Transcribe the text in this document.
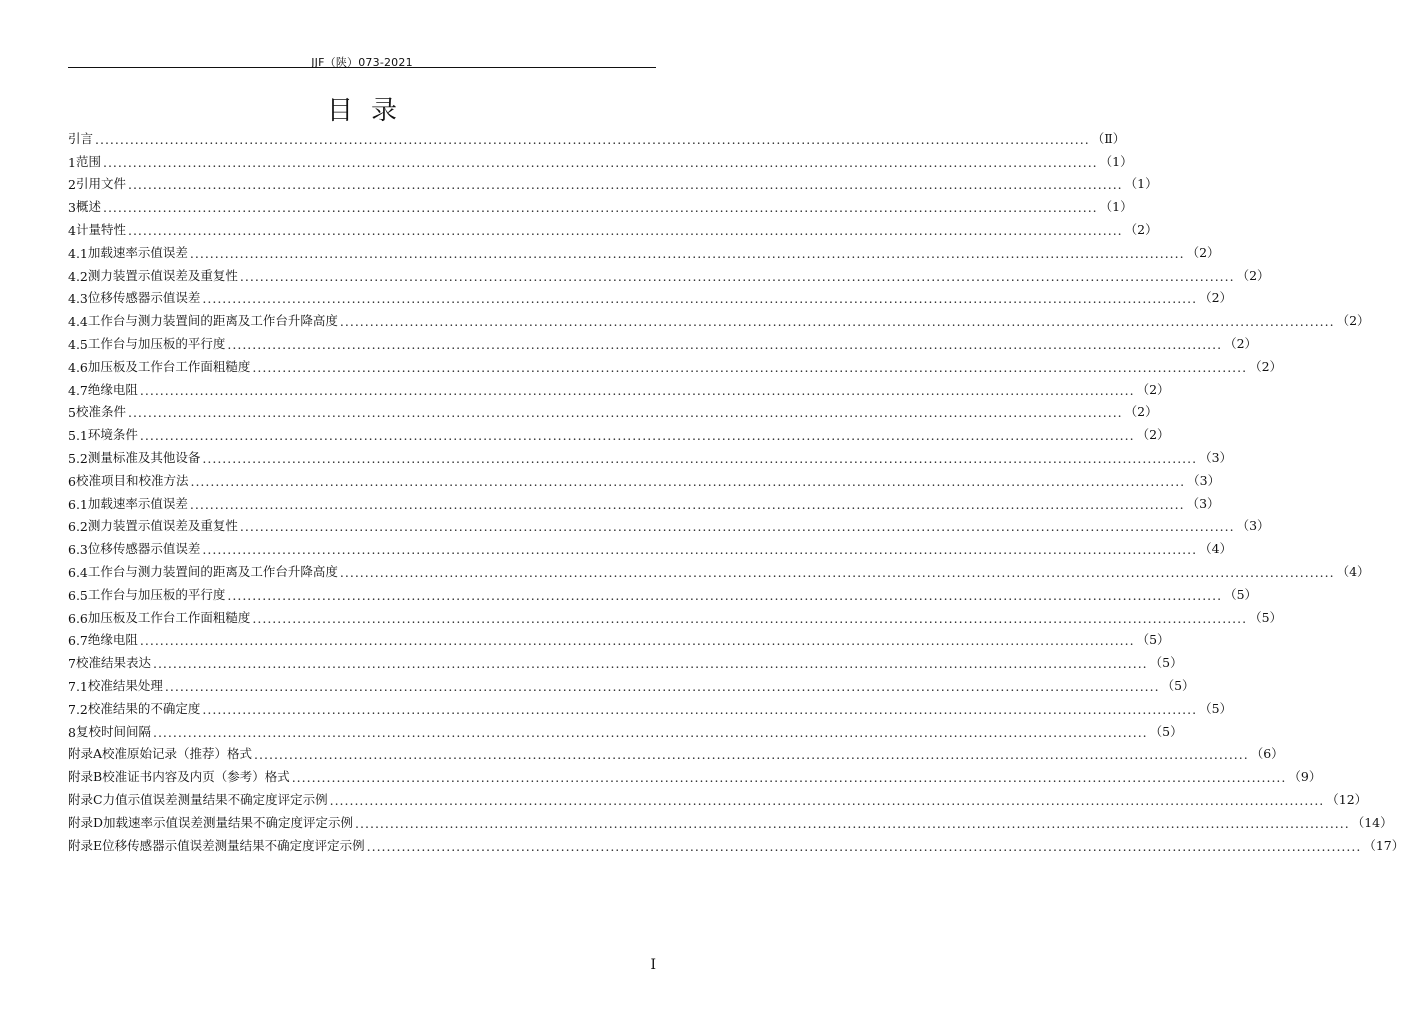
JJF（陕）073-2021
目录
引言 ........................................................................................................................................................................................................ （Ⅱ）
1 范围 ........................................................................................................................................................................................................ （1）
2 引用文件 ........................................................................................................................................................................................................ （1）
3 概述 ........................................................................................................................................................................................................ （1）
4 计量特性 ........................................................................................................................................................................................................ （2）
4.1 加载速率示值误差 ........................................................................................................................................................................................................ （2）
4.2 测力装置示值误差及重复性 ........................................................................................................................................................................................................ （2）
4.3 位移传感器示值误差 ........................................................................................................................................................................................................ （2）
4.4 工作台与测力装置间的距离及工作台升降高度 ........................................................................................................................................................................................................ （2）
4.5 工作台与加压板的平行度 ........................................................................................................................................................................................................ （2）
4.6 加压板及工作台工作面粗糙度 ........................................................................................................................................................................................................ （2）
4.7 绝缘电阻 ........................................................................................................................................................................................................ （2）
5 校准条件 ........................................................................................................................................................................................................ （2）
5.1 环境条件 ........................................................................................................................................................................................................ （2）
5.2 测量标准及其他设备 ........................................................................................................................................................................................................ （3）
6 校准项目和校准方法 ........................................................................................................................................................................................................ （3）
6.1 加载速率示值误差 ........................................................................................................................................................................................................ （3）
6.2 测力装置示值误差及重复性 ........................................................................................................................................................................................................ （3）
6.3 位移传感器示值误差 ........................................................................................................................................................................................................ （4）
6.4 工作台与测力装置间的距离及工作台升降高度 ........................................................................................................................................................................................................ （4）
6.5 工作台与加压板的平行度 ........................................................................................................................................................................................................ （5）
6.6 加压板及工作台工作面粗糙度 ........................................................................................................................................................................................................ （5）
6.7 绝缘电阻 ........................................................................................................................................................................................................ （5）
7 校准结果表达 ........................................................................................................................................................................................................ （5）
7.1 校准结果处理 ........................................................................................................................................................................................................ （5）
7.2 校准结果的不确定度 ........................................................................................................................................................................................................ （5）
8 复校时间间隔 ........................................................................................................................................................................................................ （5）
附录A 校准原始记录（推荐）格式 ........................................................................................................................................................................................................ （6）
附录B 校准证书内容及内页（参考）格式 ........................................................................................................................................................................................................ （9）
附录C 力值示值误差测量结果不确定度评定示例 ........................................................................................................................................................................................................ （12）
附录D 加载速率示值误差测量结果不确定度评定示例 ........................................................................................................................................................................................................ （14）
附录E 位移传感器示值误差测量结果不确定度评定示例 ........................................................................................................................................................................................................ （17）
I
